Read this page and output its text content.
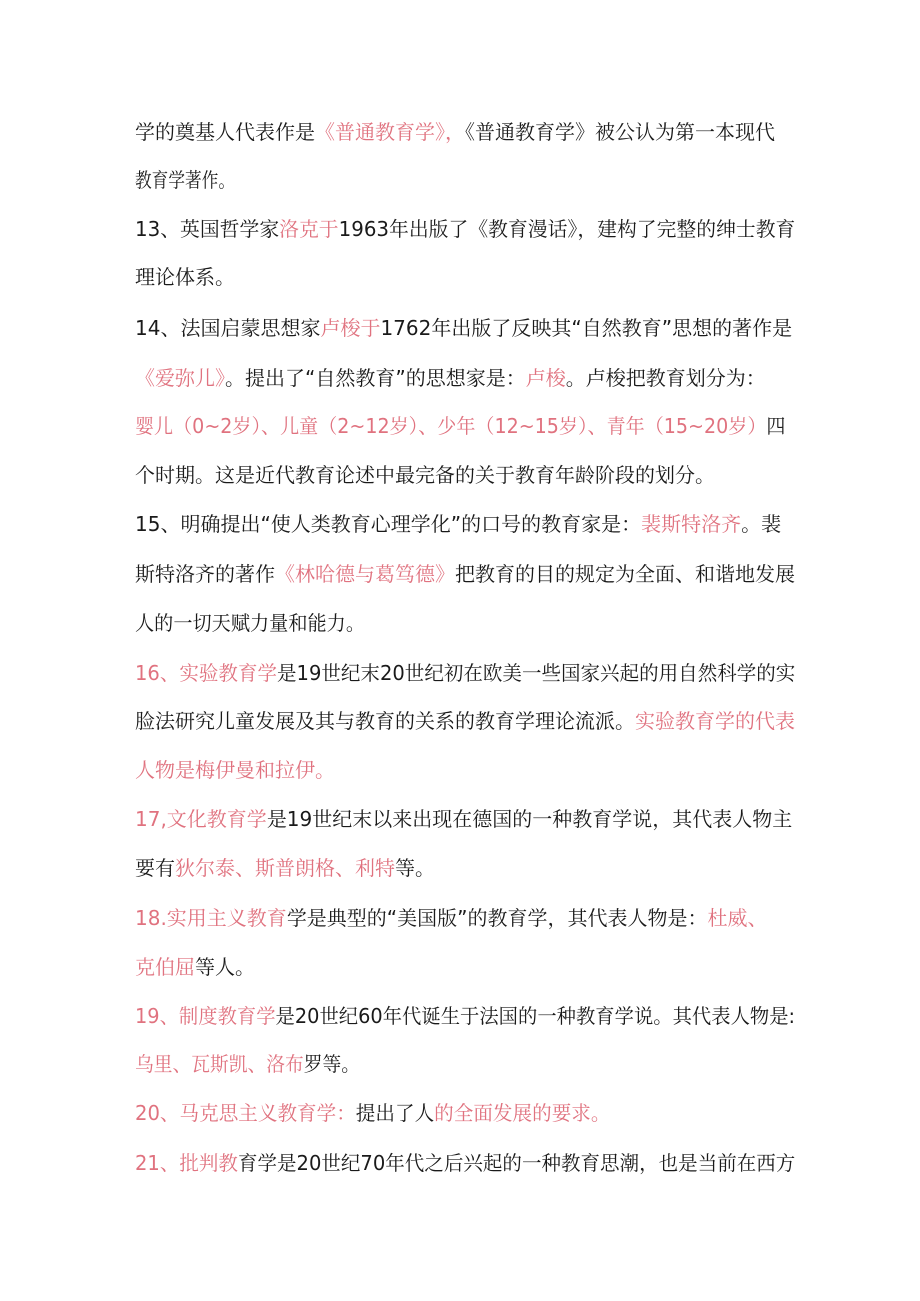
学的奠基人代表作是《普通教育学》，《普通教育学》被公认为第一本现代
教育学著作。
13、英国哲学家洛克于1963年出版了《教育漫话》，建构了完整的绅士教育
理论体系。
14、法国启蒙思想家卢梭于1762年出版了反映其“自然教育”思想的著作是
《爱弥儿》。提出了“自然教育”的思想家是：卢梭。卢梭把教育划分为：
婴儿（0~2岁）、儿童（2~12岁）、少年（12~15岁）、青年（15~20岁）四
个时期。这是近代教育论述中最完备的关于教育年龄阶段的划分。
15、明确提出“使人类教育心理学化”的口号的教育家是：裴斯特洛齐。裴
斯特洛齐的著作《林哈德与葛笃德》把教育的目的规定为全面、和谐地发展
人的一切天赋力量和能力。
16、实验教育学是19世纪末20世纪初在欧美一些国家兴起的用自然科学的实
脸法研究儿童发展及其与教育的关系的教育学理论流派。实验教育学的代表
人物是梅伊曼和拉伊。
17,文化教育学是19世纪末以来出现在德国的一种教育学说，其代表人物主
要有狄尔泰、斯普朗格、利特等。
18.实用主义教育学是典型的“美国版”的教育学，其代表人物是：杜威、
克伯屈等人。
19、制度教育学是20世纪60年代诞生于法国的一种教育学说。其代表人物是:
乌里、瓦斯凯、洛布罗等。
20、马克思主义教育学：提出了人的全面发展的要求。
21、批判教育学是20世纪70年代之后兴起的一种教育思潮，也是当前在西方
